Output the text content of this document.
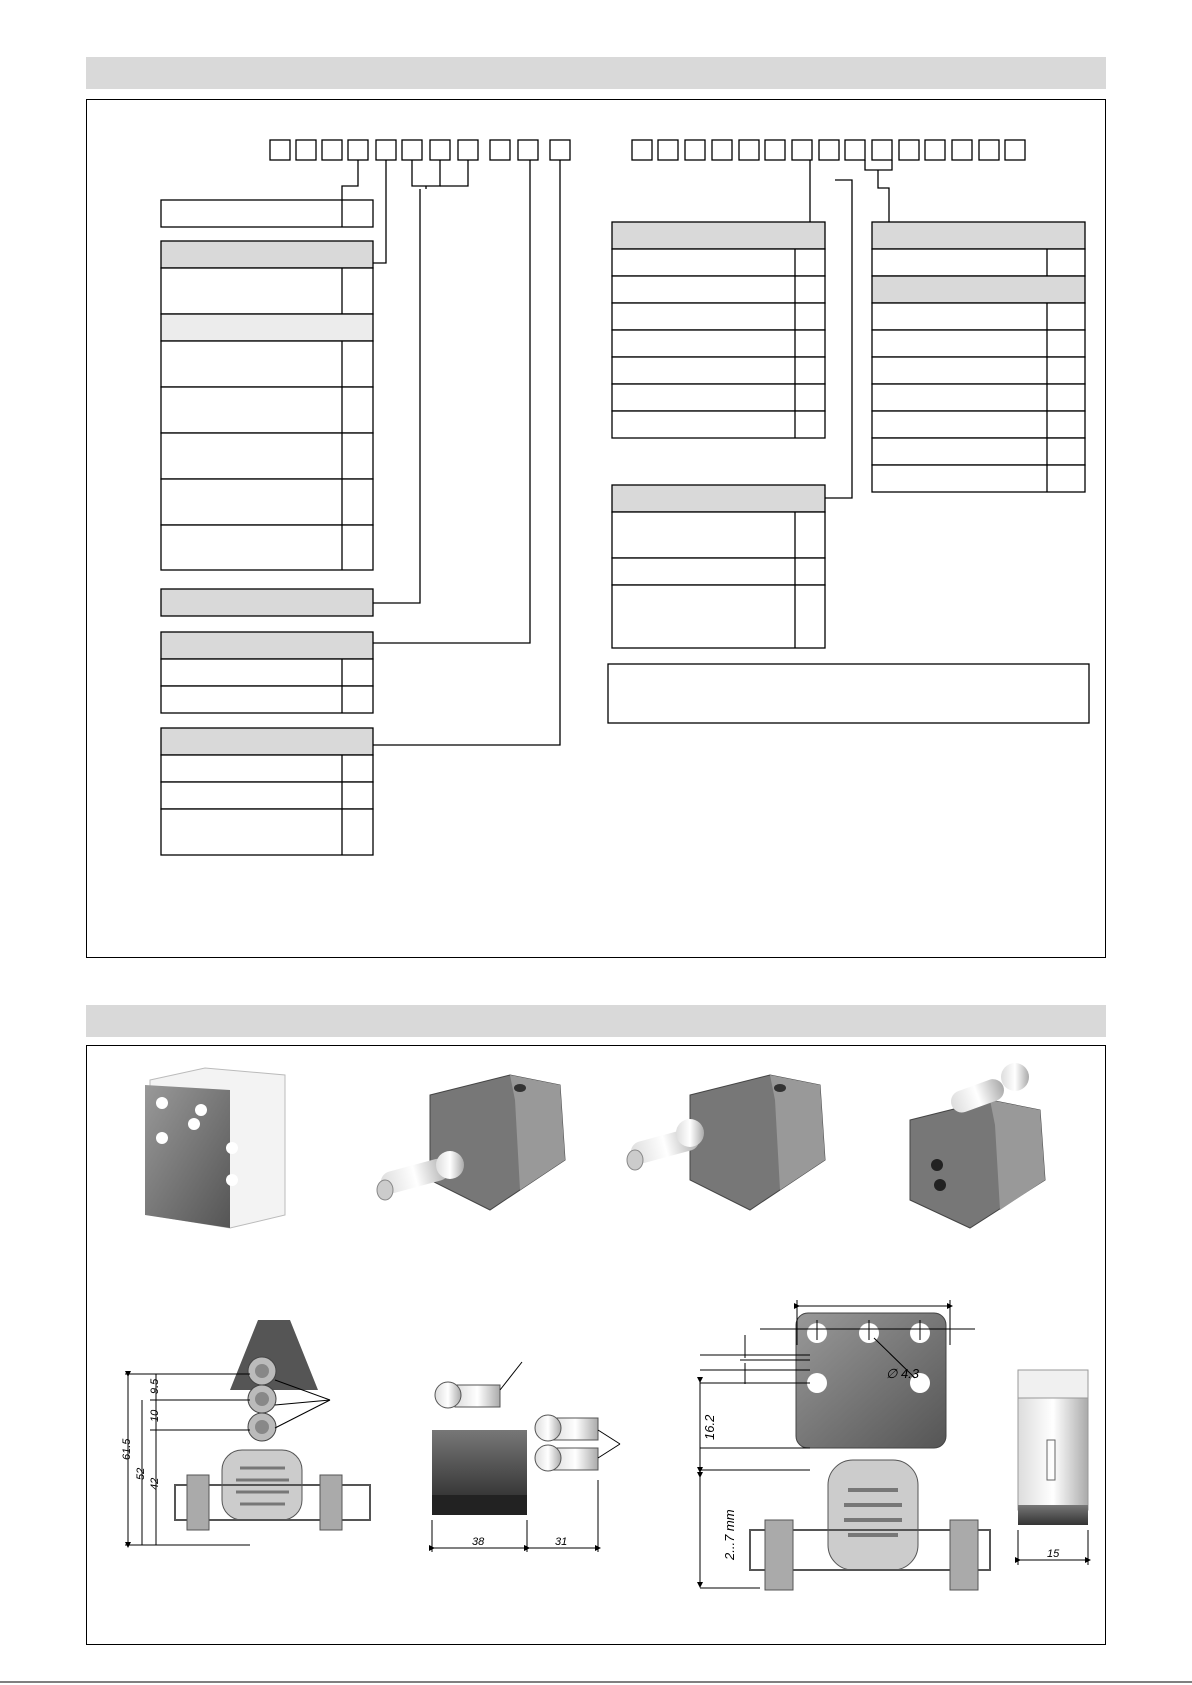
61.5
52
42
10
9.5
38	31
∅ 4.3
16.2
2...7 mm	15
